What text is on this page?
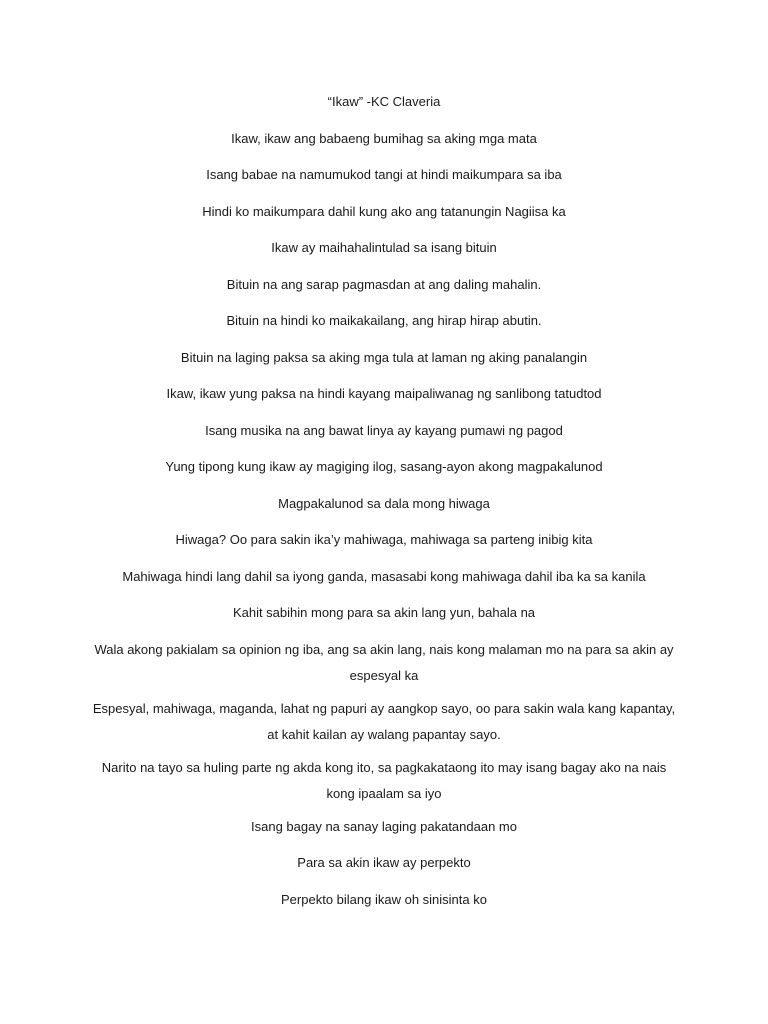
“Ikaw” -KC Claveria

Ikaw, ikaw ang babaeng bumihag sa aking mga mata

Isang babae na namumukod tangi at hindi maikumpara sa iba

Hindi ko maikumpara dahil kung ako ang tatanungin Nagiisa ka

Ikaw ay maihahalintulad sa isang bituin

Bituin na ang sarap pagmasdan at ang daling mahalin.

Bituin na hindi ko maikakailang, ang hirap hirap abutin.

Bituin na laging paksa sa aking mga tula at laman ng aking panalangin

Ikaw, ikaw yung paksa na hindi kayang maipaliwanag ng sanlibong tatudtod

Isang musika na ang bawat linya ay kayang pumawi ng pagod

Yung tipong kung ikaw ay magiging ilog, sasang-ayon akong magpakalunod

Magpakalunod sa dala mong hiwaga

Hiwaga? Oo para sakin ika’y mahiwaga, mahiwaga sa parteng inibig kita

Mahiwaga hindi lang dahil sa iyong ganda, masasabi kong mahiwaga dahil iba ka sa kanila

Kahit sabihin mong para sa akin lang yun, bahala na

Wala akong pakialam sa opinion ng iba, ang sa akin lang, nais kong malaman mo na para sa akin ay espesyal ka

Espesyal, mahiwaga, maganda, lahat ng papuri ay aangkop sayo, oo para sakin wala kang kapantay, at kahit kailan ay walang papantay sayo.

Narito na tayo sa huling parte ng akda kong ito, sa pagkakataong ito may isang bagay ako na nais kong ipaalam sa iyo

Isang bagay na sanay laging pakatandaan mo

Para sa akin ikaw ay perpekto

Perpekto bilang ikaw oh sinisinta ko
